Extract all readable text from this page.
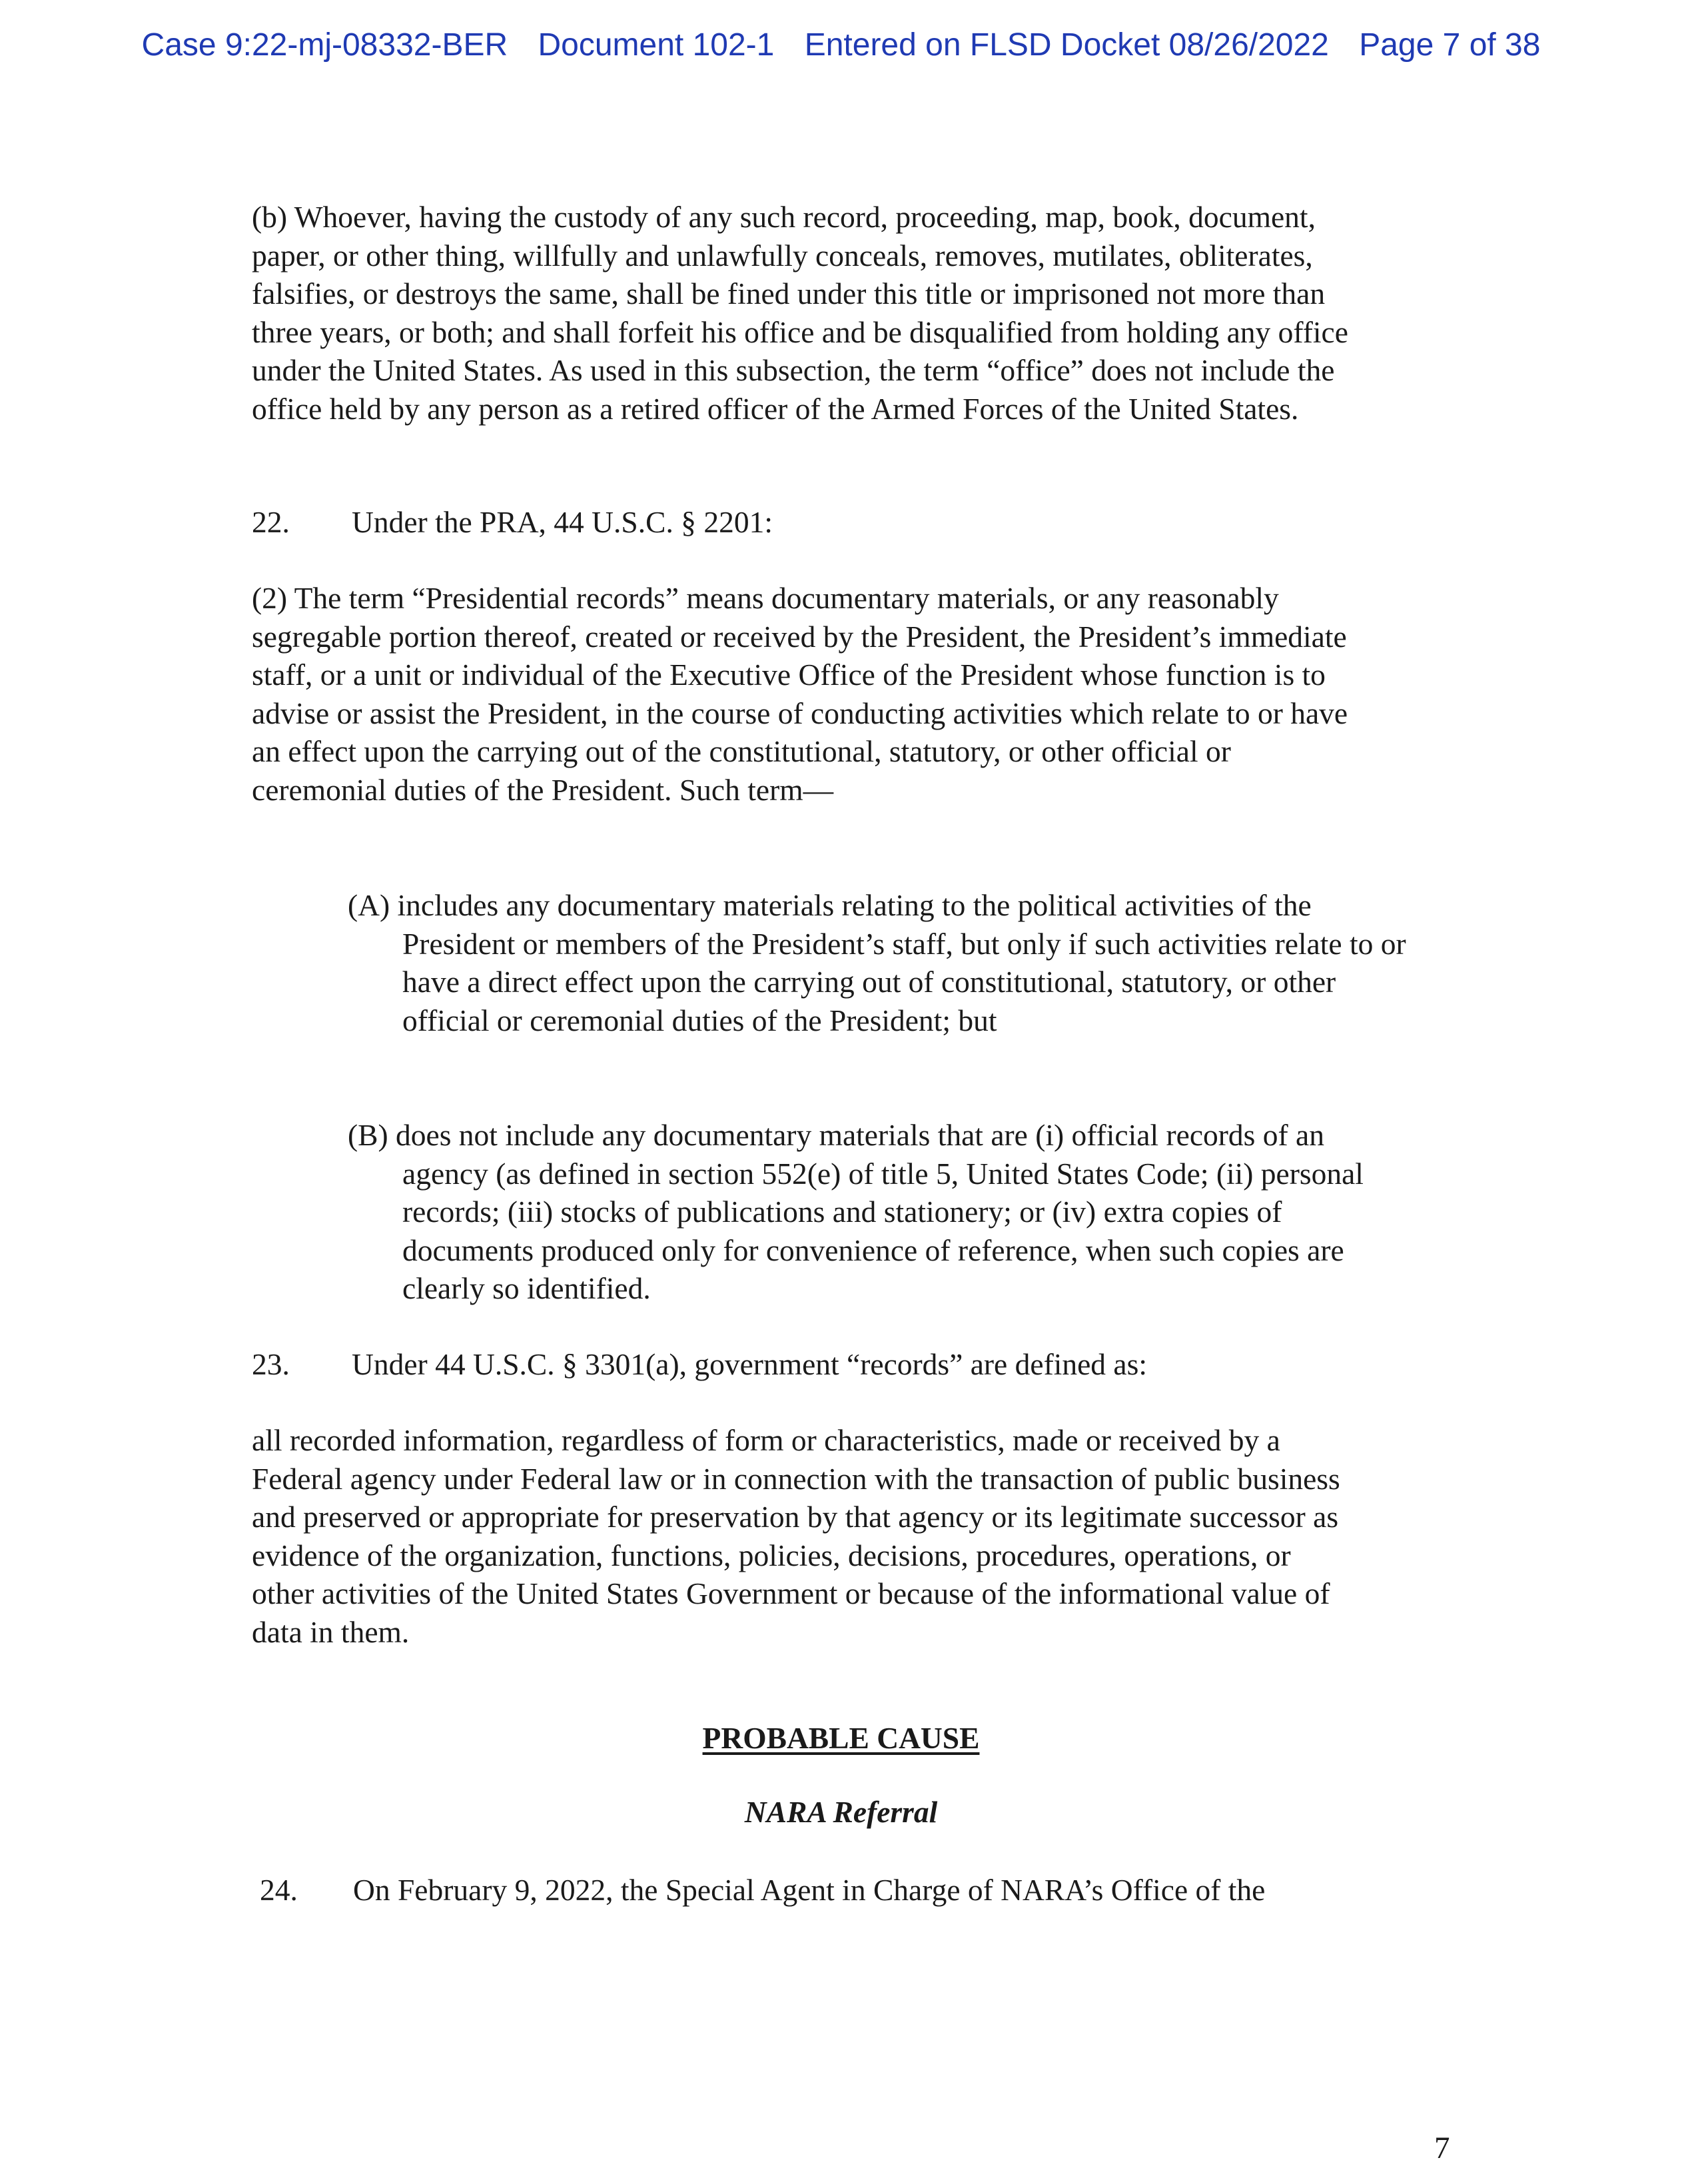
Case 9:22-mj-08332-BER Document 102-1 Entered on FLSD Docket 08/26/2022 Page 7 of 38

(b) Whoever, having the custody of any such record, proceeding, map, book, document, paper, or other thing, willfully and unlawfully conceals, removes, mutilates, obliterates, falsifies, or destroys the same, shall be fined under this title or imprisoned not more than three years, or both; and shall forfeit his office and be disqualified from holding any office under the United States. As used in this subsection, the term “office” does not include the office held by any person as a retired officer of the Armed Forces of the United States.

22. Under the PRA, 44 U.S.C. § 2201:

(2) The term “Presidential records” means documentary materials, or any reasonably segregable portion thereof, created or received by the President, the President’s immediate staff, or a unit or individual of the Executive Office of the President whose function is to advise or assist the President, in the course of conducting activities which relate to or have an effect upon the carrying out of the constitutional, statutory, or other official or ceremonial duties of the President. Such term—

(A) includes any documentary materials relating to the political activities of the President or members of the President’s staff, but only if such activities relate to or have a direct effect upon the carrying out of constitutional, statutory, or other official or ceremonial duties of the President; but

(B) does not include any documentary materials that are (i) official records of an agency (as defined in section 552(e) of title 5, United States Code; (ii) personal records; (iii) stocks of publications and stationery; or (iv) extra copies of documents produced only for convenience of reference, when such copies are clearly so identified.

23. Under 44 U.S.C. § 3301(a), government “records” are defined as:

all recorded information, regardless of form or characteristics, made or received by a Federal agency under Federal law or in connection with the transaction of public business and preserved or appropriate for preservation by that agency or its legitimate successor as evidence of the organization, functions, policies, decisions, procedures, operations, or other activities of the United States Government or because of the informational value of data in them.

PROBABLE CAUSE

NARA Referral

24. On February 9, 2022, the Special Agent in Charge of NARA’s Office of the

7
